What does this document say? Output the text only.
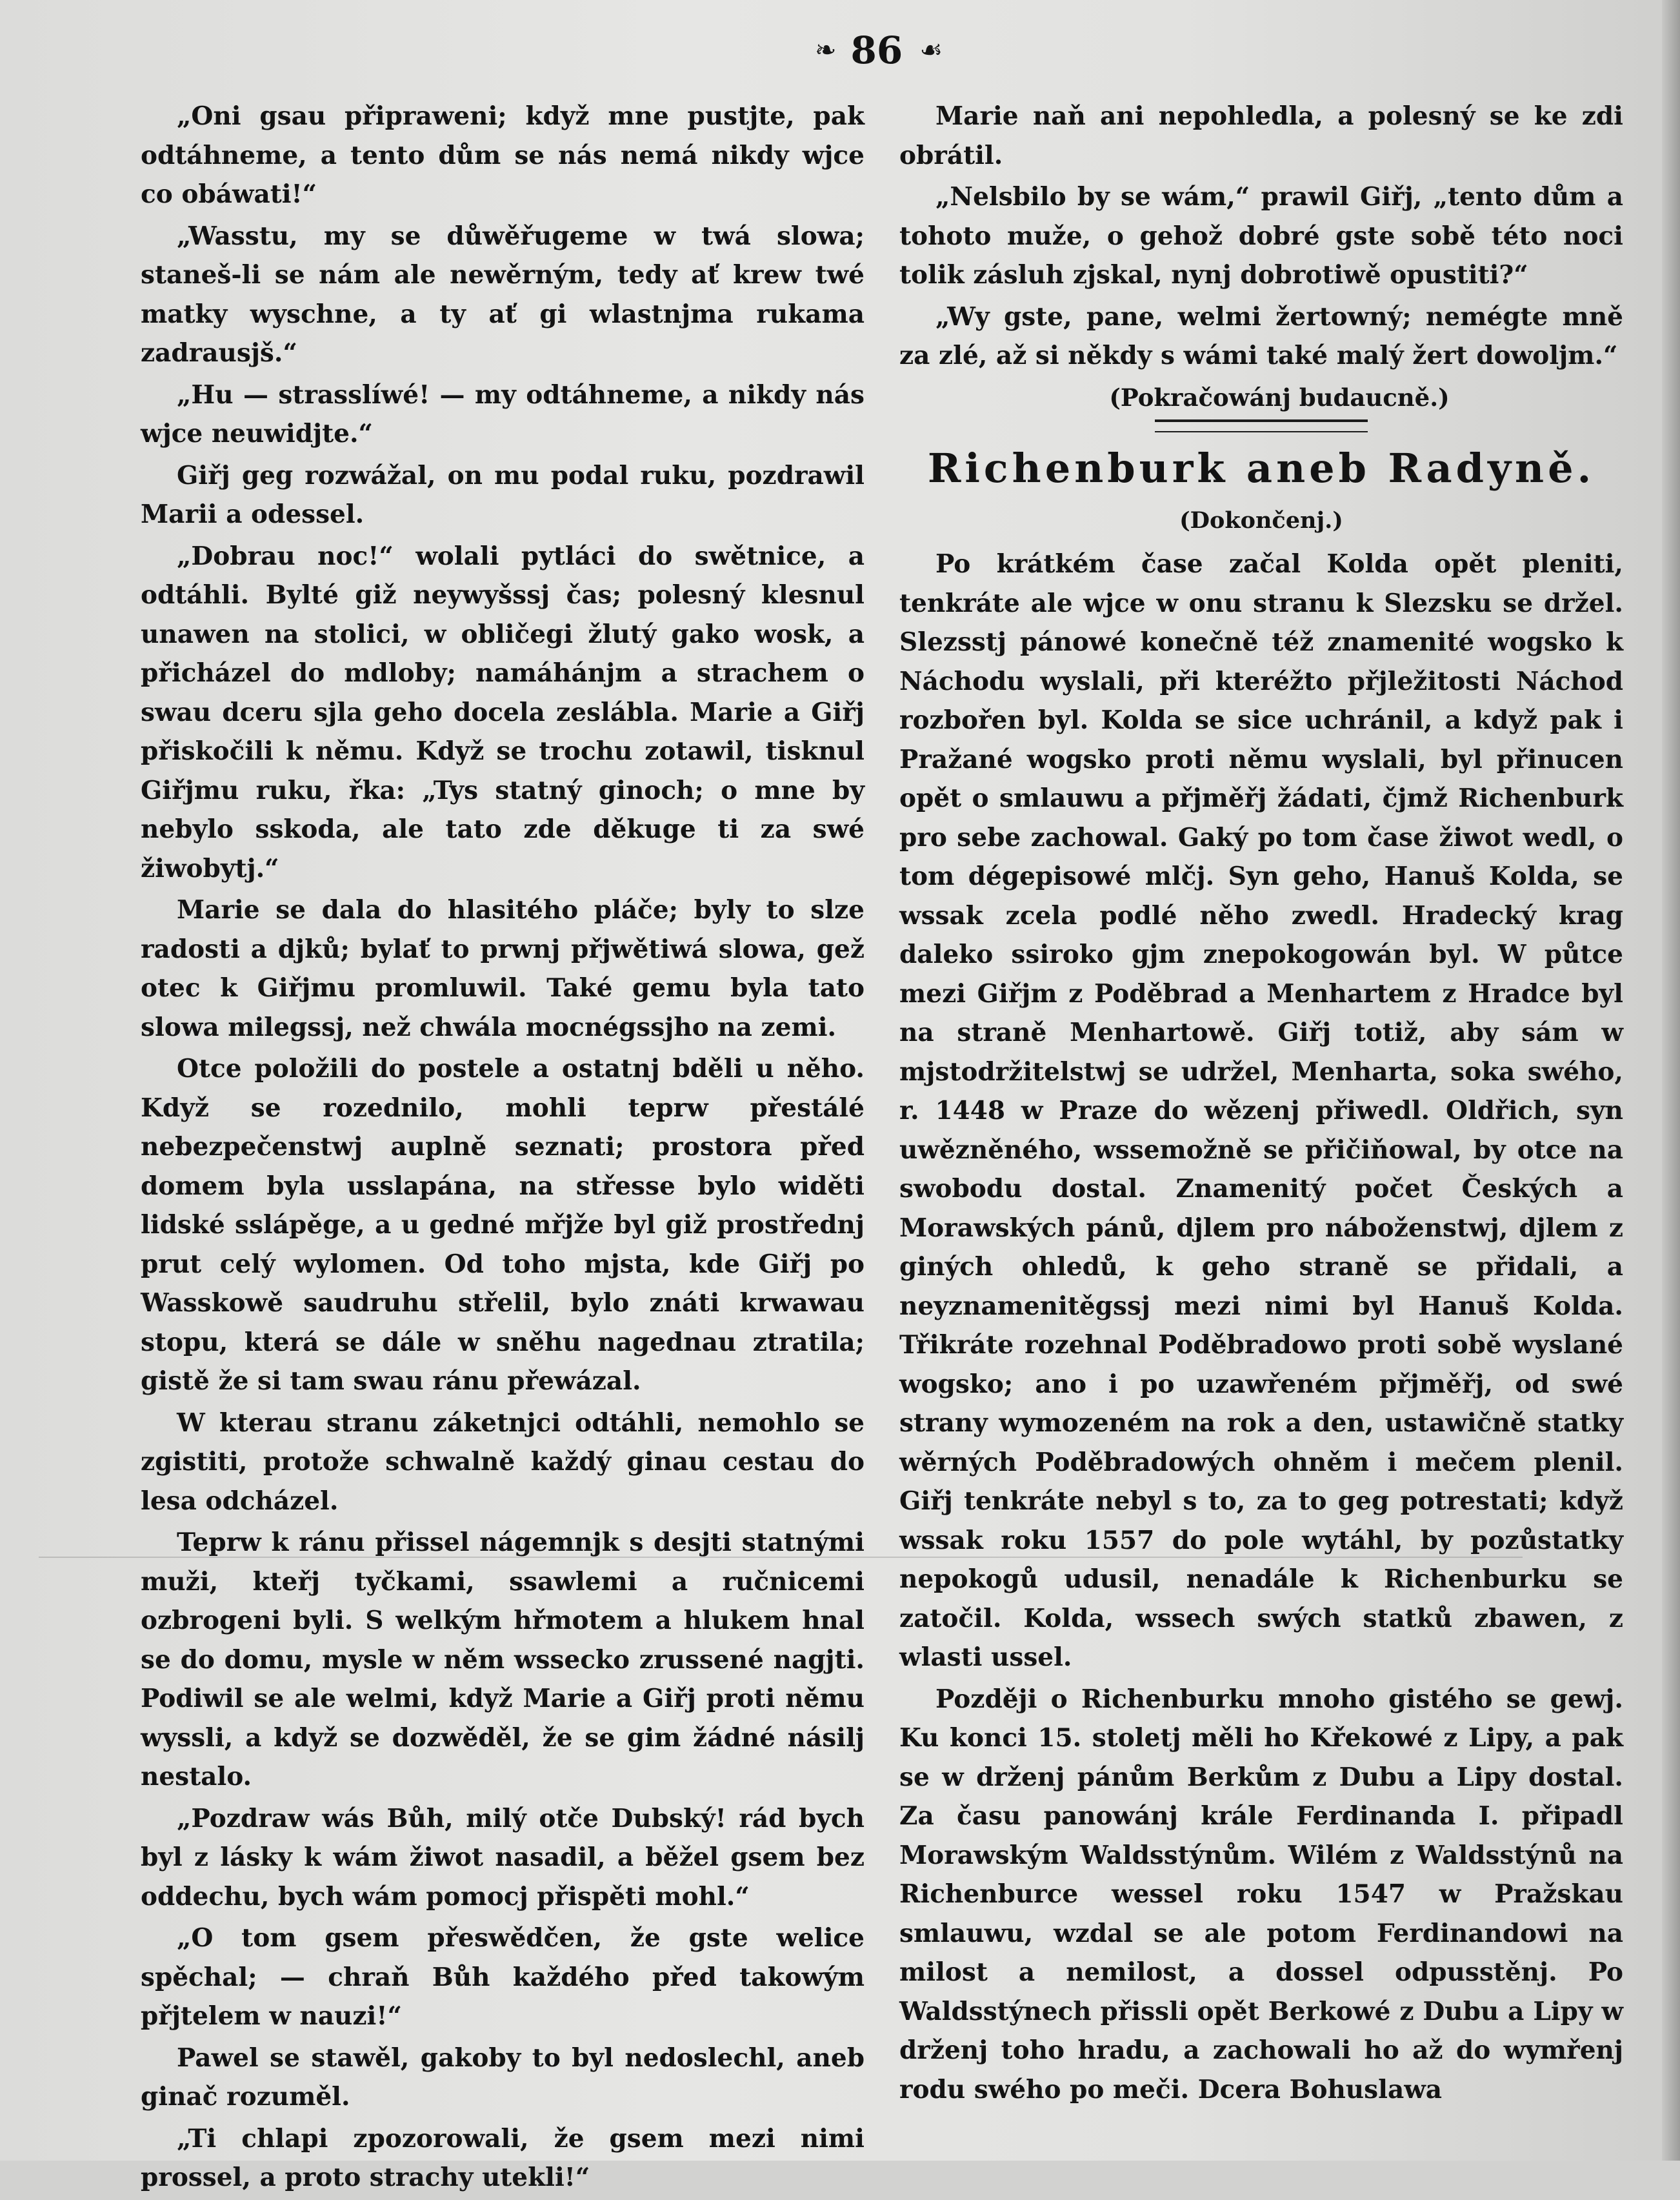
❧ 86 ☙

„Oni gsau připraweni; když mne pustjte, pak odtáhneme, a tento dům se nás nemá nikdy wjce co obáwati!“

„Wasstu, my se důwěřugeme w twá slowa; staneš-li se nám ale newěrným, tedy ať krew twé matky wyschne, a ty ať gi wlastnjma rukama zadrausjš.“

„Hu — strasslíwé! — my odtáhneme, a nikdy nás wjce neuwidjte.“

Giřj geg rozwážal, on mu podal ruku, pozdrawil Marii a odessel.

„Dobrau noc!“ wolali pytláci do swětnice, a odtáhli. Bylté giž neywyšssj čas; polesný klesnul unawen na stolici, w obličegi žlutý gako wosk, a přicházel do mdloby; namáhánjm a strachem o swau dceru sjla geho docela zeslábla. Marie a Giřj přiskočili k němu. Když se trochu zotawil, tisknul Giřjmu ruku, řka: „Tys statný ginoch; o mne by nebylo sskoda, ale tato zde děkuge ti za swé žiwobytj.“

Marie se dala do hlasitého pláče; byly to slze radosti a djků; bylať to prwnj přjwětiwá slowa, gež otec k Giřjmu promluwil. Také gemu byla tato slowa milegssj, než chwála mocnégssjho na zemi.

Otce položili do postele a ostatnj bděli u něho. Když se rozednilo, mohli teprw přestálé nebezpečenstwj auplně seznati; prostora před domem byla usslapána, na střesse bylo widěti lidské sslápěge, a u gedné mřjže byl giž prostřednj prut celý wylomen. Od toho mjsta, kde Giřj po Wasskowě saudruhu střelil, bylo znáti krwawau stopu, která se dále w sněhu nagednau ztratila; gistě že si tam swau ránu přewázal.

W kterau stranu záketnjci odtáhli, nemohlo se zgistiti, protože schwalně každý ginau cestau do lesa odcházel.

Teprw k ránu přissel nágemnjk s desjti statnými muži, kteřj tyčkami, ssawlemi a ručnicemi ozbrogeni byli. S welkým hřmotem a hlukem hnal se do domu, mysle w něm wssecko zrussené nagjti. Podiwil se ale welmi, když Marie a Giřj proti němu wyssli, a když se dozwěděl, že se gim žádné násilj nestalo.

„Pozdraw wás Bůh, milý otče Dubský! rád bych byl z lásky k wám žiwot nasadil, a běžel gsem bez oddechu, bych wám pomocj přispěti mohl.“

„O tom gsem přeswědčen, že gste welice spěchal; — chraň Bůh každého před takowým přjtelem w nauzi!“

Pawel se stawěl, gakoby to byl nedoslechl, aneb ginač rozuměl.

„Ti chlapi zpozorowali, že gsem mezi nimi prossel, a proto strachy utekli!“

Marie naň ani nepohledla, a polesný se ke zdi obrátil.

„Nelsbilo by se wám,“ prawil Giřj, „tento dům a tohoto muže, o gehož dobré gste sobě této noci tolik zásluh zjskal, nynj dobrotiwě opustiti?“

„Wy gste, pane, welmi žertowný; nemégte mně za zlé, až si někdy s wámi také malý žert dowoljm.“

(Pokračowánj budaucně.)

Richenburk aneb Radyně.
(Dokončenj.)

Po krátkém čase začal Kolda opět pleniti, tenkráte ale wjce w onu stranu k Slezsku se držel. Slezsstj pánowé konečně též znamenité wogsko k Náchodu wyslali, při kteréžto přjležitosti Náchod rozbořen byl. Kolda se sice uchránil, a když pak i Pražané wogsko proti němu wyslali, byl přinucen opět o smlauwu a přjměřj žádati, čjmž Richenburk pro sebe zachowal. Gaký po tom čase žiwot wedl, o tom dégepisowé mlčj. Syn geho, Hanuš Kolda, se wssak zcela podlé něho zwedl. Hradecký krag daleko ssiroko gjm znepokogowán byl. W půtce mezi Giřjm z Poděbrad a Menhartem z Hradce byl na straně Menhartowě. Giřj totiž, aby sám w mjstodržitelstwj se udržel, Menharta, soka swého, r. 1448 w Praze do wězenj přiwedl. Oldřich, syn uwězněného, wssemožně se přičiňowal, by otce na swobodu dostal. Znamenitý počet Českých a Morawských pánů, djlem pro náboženstwj, djlem z giných ohledů, k geho straně se přidali, a neyznamenitěgssj mezi nimi byl Hanuš Kolda. Třikráte rozehnal Poděbradowo proti sobě wyslané wogsko; ano i po uzawřeném přjměřj, od swé strany wymozeném na rok a den, ustawičně statky wěrných Poděbradowých ohněm i mečem plenil. Giřj tenkráte nebyl s to, za to geg potrestati; když wssak roku 1557 do pole wytáhl, by pozůstatky nepokogů udusil, nenadále k Richenburku se zatočil. Kolda, wssech swých statků zbawen, z wlasti ussel.

Později o Richenburku mnoho gistého se gewj. Ku konci 15. stoletj měli ho Křekowé z Lipy, a pak se w drženj pánům Berkům z Dubu a Lipy dostal. Za času panowánj krále Ferdinanda I. připadl Morawským Waldsstýnům. Wilém z Waldsstýnů na Richenburce wessel roku 1547 w Pražskau smlauwu, wzdal se ale potom Ferdinandowi na milost a nemilost, a dossel odpusstěnj. Po Waldsstýnech přissli opět Berkowé z Dubu a Lipy w drženj toho hradu, a zachowali ho až do wymřenj rodu swého po meči. Dcera Bohuslawa
